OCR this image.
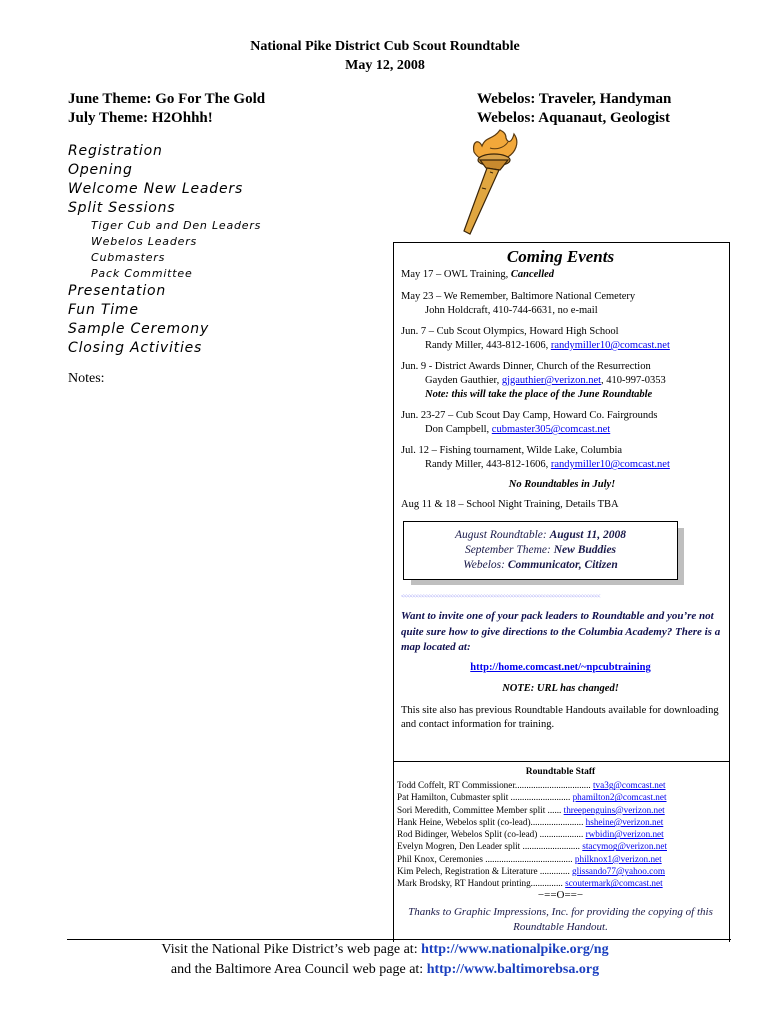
National Pike District Cub Scout Roundtable
May 12, 2008
June Theme: Go For The Gold
July Theme: H2Ohhh!
Webelos: Traveler, Handyman
Webelos: Aquanaut, Geologist
Registration
Opening
Welcome New Leaders
Split Sessions
Tiger Cub and Den Leaders
Webelos Leaders
Cubmasters
Pack Committee
Presentation
Fun Time
Sample Ceremony
Closing Activities
Notes:
Coming Events
May 17 – OWL Training, Cancelled
May 23 – We Remember, Baltimore National Cemetery
John Holdcraft, 410-744-6631, no e-mail
Jun. 7 – Cub Scout Olympics, Howard High School
Randy Miller, 443-812-1606, randymiller10@comcast.net
Jun. 9 - District Awards Dinner, Church of the Resurrection
Gayden Gauthier, gjgauthier@verizon.net, 410-997-0353
Note: this will take the place of the June Roundtable
Jun. 23-27 – Cub Scout Day Camp, Howard Co. Fairgrounds
Don Campbell, cubmaster305@comcast.net
Jul. 12 – Fishing tournament, Wilde Lake, Columbia
Randy Miller, 443-812-1606, randymiller10@comcast.net
No Roundtables in July!
Aug 11 & 18 – School Night Training, Details TBA
August Roundtable: August 11, 2008
September Theme: New Buddies
Webelos: Communicator, Citizen
<<<<<<<<<<<<<<<<<<<<<<<<<<<<<<<<<<<<<<<<<<<<<<<<<<<<<<<<<<<<<<<<<<<<<
Want to invite one of your pack leaders to Roundtable and you’re not quite sure how to give directions to the Columbia Academy? There is a map located at:
http://home.comcast.net/~npcubtraining
NOTE: URL has changed!
This site also has previous Roundtable Handouts available for downloading and contact information for training.
Roundtable Staff
Todd Coffelt, RT Commissioner................................. tva3g@comcast.net
Pat Hamilton, Cubmaster split .......................... phamilton2@comcast.net
Sori Meredith, Committee Member split ...... threepenguins@verizon.net
Hank Heine, Webelos split (co-lead)....................... hsheine@verizon.net
Rod Bidinger, Webelos Split (co-lead) ................... rwbidin@verizon.net
Evelyn Mogren, Den Leader split ......................... stacymog@verizon.net
Phil Knox, Ceremonies ...................................... philknox1@verizon.net
Kim Pelech, Registration & Literature ............. glissando77@yahoo.com
Mark Brodsky, RT Handout printing.............. scoutermark@comcast.net
−==O==−
Thanks to Graphic Impressions, Inc. for providing the copying of this Roundtable Handout.
Visit the National Pike District’s web page at: http://www.nationalpike.org/ng
and the Baltimore Area Council web page at: http://www.baltimorebsa.org
